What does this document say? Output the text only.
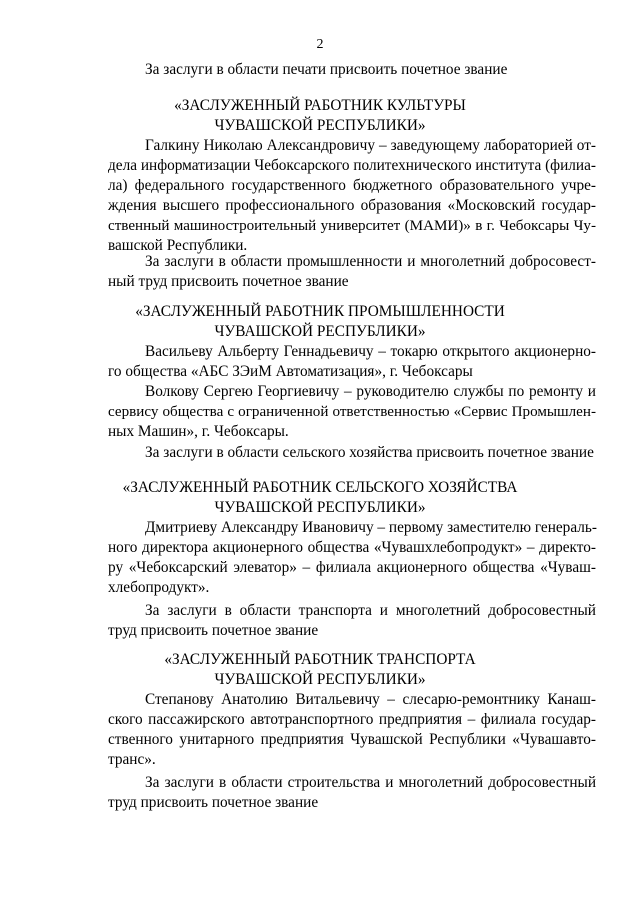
2
За заслуги в области печати присвоить почетное звание
«ЗАСЛУЖЕННЫЙ РАБОТНИК КУЛЬТУРЫ
ЧУВАШСКОЙ РЕСПУБЛИКИ»
Галкину Николаю Александровичу – заведующему лабораторией от-
дела информатизации Чебоксарского политехнического института (филиа-
ла) федерального государственного бюджетного образовательного учре-
ждения высшего профессионального образования «Московский государ-
ственный машиностроительный университет (МАМИ)» в г. Чебоксары Чу-
вашской Республики.
За заслуги в области промышленности и многолетний добросовест-
ный труд присвоить почетное звание
«ЗАСЛУЖЕННЫЙ РАБОТНИК ПРОМЫШЛЕННОСТИ
ЧУВАШСКОЙ РЕСПУБЛИКИ»
Васильеву Альберту Геннадьевичу – токарю открытого акционерно-
го общества «АБС ЗЭиМ Автоматизация», г. Чебоксары
Волкову Сергею Георгиевичу – руководителю службы по ремонту и
сервису общества с ограниченной ответственностью «Сервис Промышлен-
ных Машин», г. Чебоксары.
За заслуги в области сельского хозяйства присвоить почетное звание
«ЗАСЛУЖЕННЫЙ РАБОТНИК СЕЛЬСКОГО ХОЗЯЙСТВА
ЧУВАШСКОЙ РЕСПУБЛИКИ»
Дмитриеву Александру Ивановичу – первому заместителю генераль-
ного директора акционерного общества «Чувашхлебопродукт» – директо-
ру «Чебоксарский элеватор» – филиала акционерного общества «Чуваш-
хлебопродукт».
За заслуги в области транспорта и многолетний добросовестный
труд присвоить почетное звание
«ЗАСЛУЖЕННЫЙ РАБОТНИК ТРАНСПОРТА
ЧУВАШСКОЙ РЕСПУБЛИКИ»
Степанову Анатолию Витальевичу – слесарю-ремонтнику Канаш-
ского пассажирского автотранспортного предприятия – филиала государ-
ственного унитарного предприятия Чувашской Республики «Чувашавто-
транс».
За заслуги в области строительства и многолетний добросовестный
труд присвоить почетное звание
